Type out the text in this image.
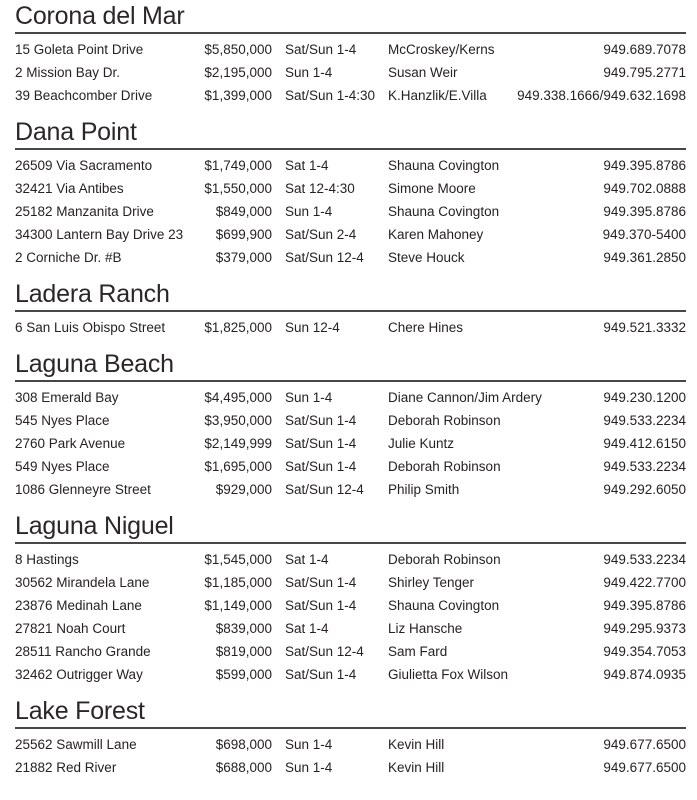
Corona del Mar
15 Goleta Point Drive	$5,850,000 Sat/Sun 1-4	McCroskey/Kerns	949.689.7078
2 Mission Bay Dr.	$2,195,000 Sun 1-4	Susan Weir	949.795.2771
39 Beachcomber Drive	$1,399,000 Sat/Sun 1-4:30 K.Hanzlik/E.Villa 949.338.1666/949.632.1698
Dana Point
26509 Via Sacramento	$1,749,000 Sat 1-4	Shauna Covington	949.395.8786
32421 Via Antibes	$1,550,000 Sat 12-4:30	Simone Moore	949.702.0888
25182 Manzanita Drive	$849,000 Sun 1-4	Shauna Covington	949.395.8786
34300 Lantern Bay Drive 23	$699,900 Sat/Sun 2-4	Karen Mahoney	949.370-5400
2 Corniche Dr. #B	$379,000 Sat/Sun 12-4	Steve Houck	949.361.2850
Ladera Ranch
6 San Luis Obispo Street	$1,825,000 Sun 12-4	Chere Hines	949.521.3332
Laguna Beach
308 Emerald Bay	$4,495,000 Sun 1-4	Diane Cannon/Jim Ardery	949.230.1200
545 Nyes Place	$3,950,000 Sat/Sun 1-4	Deborah Robinson	949.533.2234
2760 Park Avenue	$2,149,999 Sat/Sun 1-4	Julie Kuntz	949.412.6150
549 Nyes Place	$1,695,000 Sat/Sun 1-4	Deborah Robinson	949.533.2234
1086 Glenneyre Street	$929,000 Sat/Sun 12-4	Philip Smith	949.292.6050
Laguna Niguel
8 Hastings	$1,545,000 Sat 1-4	Deborah Robinson	949.533.2234
30562 Mirandela Lane	$1,185,000 Sat/Sun 1-4	Shirley Tenger	949.422.7700
23876 Medinah Lane	$1,149,000 Sat/Sun 1-4	Shauna Covington	949.395.8786
27821 Noah Court	$839,000 Sat 1-4	Liz Hansche	949.295.9373
28511 Rancho Grande	$819,000 Sat/Sun 12-4	Sam Fard	949.354.7053
32462 Outrigger Way	$599,000 Sat/Sun 1-4	Giulietta Fox Wilson	949.874.0935
Lake Forest
25562 Sawmill Lane	$698,000 Sun 1-4	Kevin Hill	949.677.6500
21882 Red River	$688,000 Sun 1-4	Kevin Hill	949.677.6500
